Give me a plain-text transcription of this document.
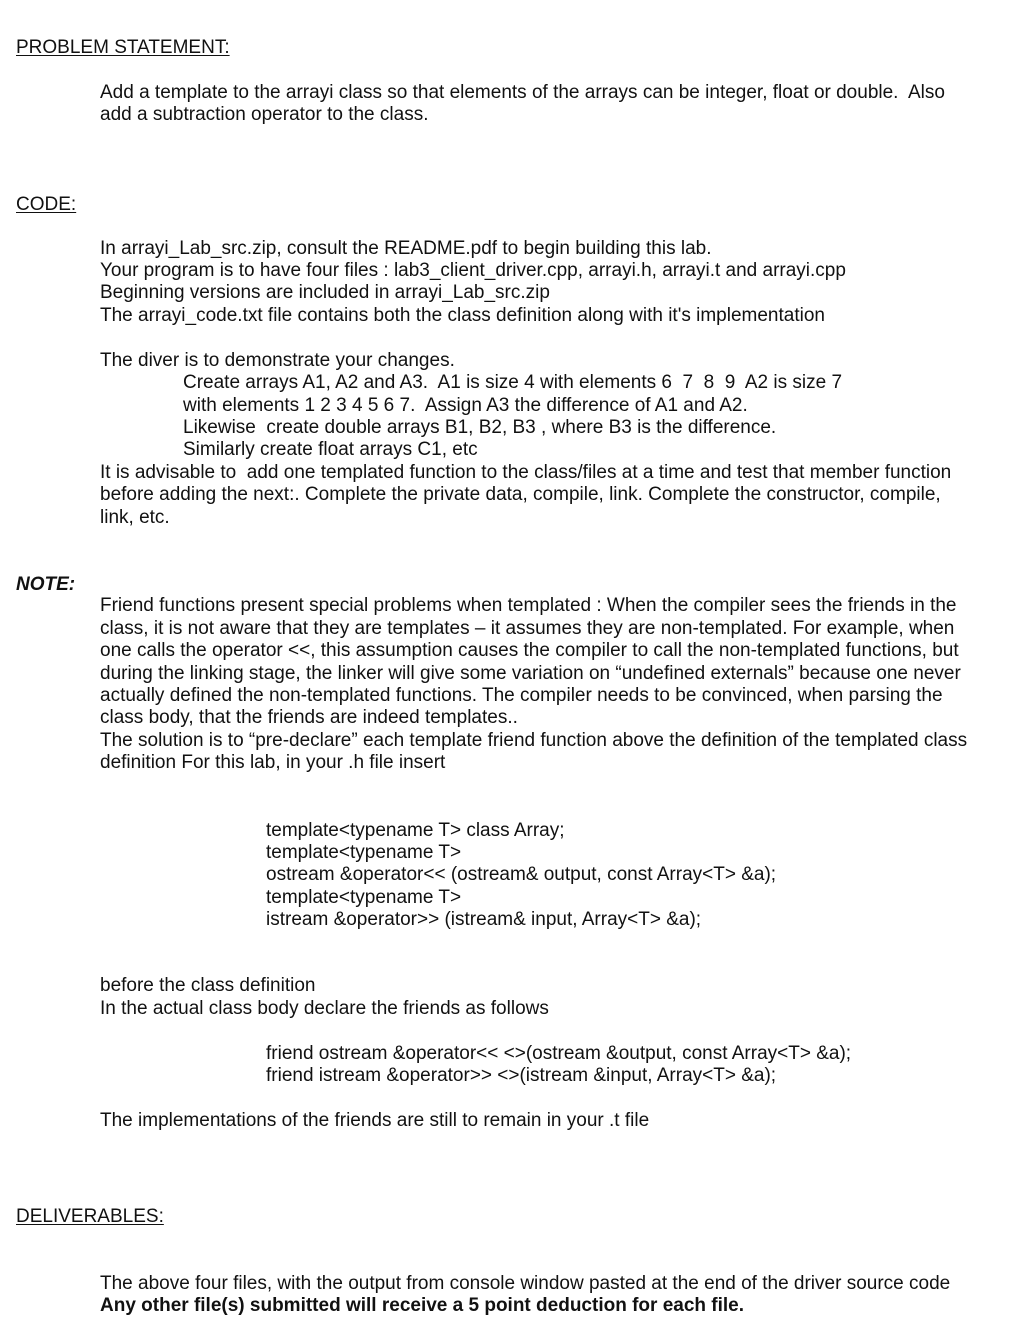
PROBLEM STATEMENT:

Add a template to the arrayi class so that elements of the arrays can be integer, float or double.  Also

add a subtraction operator to the class.

CODE:

In arrayi_Lab_src.zip, consult the README.pdf to begin building this lab.

Your program is to have four files : lab3_client_driver.cpp, arrayi.h, arrayi.t and arrayi.cpp

Beginning versions are included in arrayi_Lab_src.zip

The arrayi_code.txt file contains both the class definition along with it's implementation

The diver is to demonstrate your changes.

Create arrays A1, A2 and A3.  A1 is size 4 with elements 6  7  8  9  A2 is size 7

with elements 1 2 3 4 5 6 7.  Assign A3 the difference of A1 and A2.

Likewise  create double arrays B1, B2, B3 , where B3 is the difference.

Similarly create float arrays C1, etc

It is advisable to  add one templated function to the class/files at a time and test that member function

before adding the next:. Complete the private data, compile, link. Complete the constructor, compile,

link, etc.

NOTE:

Friend functions present special problems when templated : When the compiler sees the friends in the

class, it is not aware that they are templates – it assumes they are non-templated. For example, when

one calls the operator <<, this assumption causes the compiler to call the non-templated functions, but

during the linking stage, the linker will give some variation on “undefined externals” because one never

actually defined the non-templated functions. The compiler needs to be convinced, when parsing the

class body, that the friends are indeed templates..

The solution is to “pre-declare” each template friend function above the definition of the templated class

definition For this lab, in your .h file insert

template<typename T> class Array;

template<typename T>

ostream &operator<< (ostream& output, const Array<T> &a);

template<typename T>

istream &operator>> (istream& input, Array<T> &a);

before the class definition

In the actual class body declare the friends as follows

friend ostream &operator<< <>(ostream &output, const Array<T> &a);

friend istream &operator>> <>(istream &input, Array<T> &a);

The implementations of the friends are still to remain in your .t file

DELIVERABLES:

The above four files, with the output from console window pasted at the end of the driver source code

Any other file(s) submitted will receive a 5 point deduction for each file.
